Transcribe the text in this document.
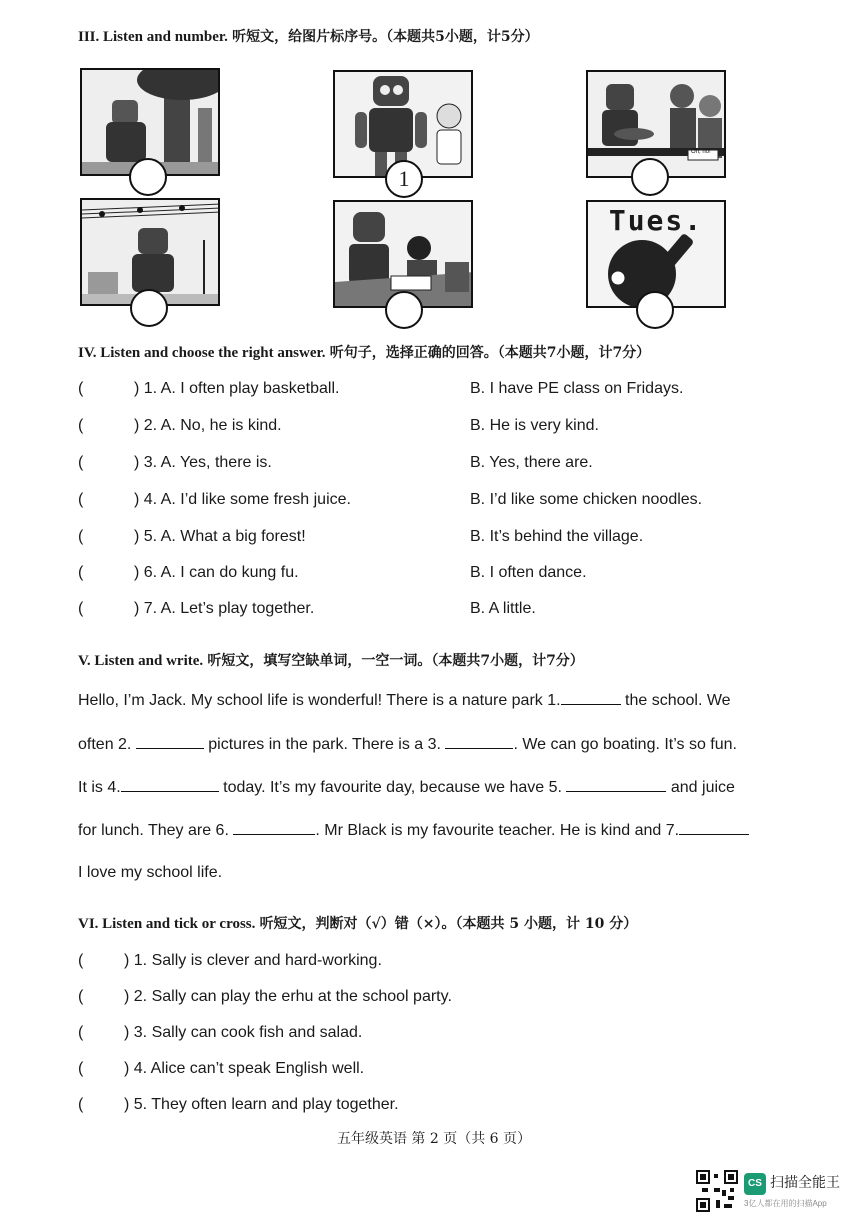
III. Listen and number. 听短文，给图片标序号。（本题共5小题，计5分）
1
Oh, no!
Tues.
IV. Listen and choose the right answer. 听句子，选择正确的回答。（本题共7小题，计7分）
(	) 1. A. I often play basketball.	B. I have PE class on Fridays.
(	) 2. A. No, he is kind.	B. He is very kind.
(	) 3. A. Yes, there is.	B. Yes, there are.
(	) 4. A. I’d like some fresh juice.	B. I’d like some chicken noodles.
(	) 5. A. What a big forest!	B. It’s behind the village.
(	) 6. A. I can do kung fu.	B. I often dance.
(	) 7. A. Let’s play together.	B. A little.
V. Listen and write. 听短文，填写空缺单词，一空一词。（本题共7小题，计7分）
Hello, I’m Jack. My school life is wonderful! There is a nature park 1.	the school. We
often 2.	pictures in the park. There is a 3.	. We can go boating. It’s so fun.
It is 4.	today. It’s my favourite day, because we have 5.	and juice
for lunch. They are 6.	. Mr Black is my favourite teacher. He is kind and 7.
I love my school life.
VI. Listen and tick or cross. 听短文，判断对（√）错（×）。（本题共 5 小题，计 10 分）
(	) 1. Sally is clever and hard-working.
(	) 2. Sally can play the erhu at the school party.
(	) 3. Sally can cook fish and salad.
(	) 4. Alice can’t speak English well.
(	) 5. They often learn and play together.
五年级英语 第 2 页（共 6 页）
CS 扫描全能王
3亿人都在用的扫描App
